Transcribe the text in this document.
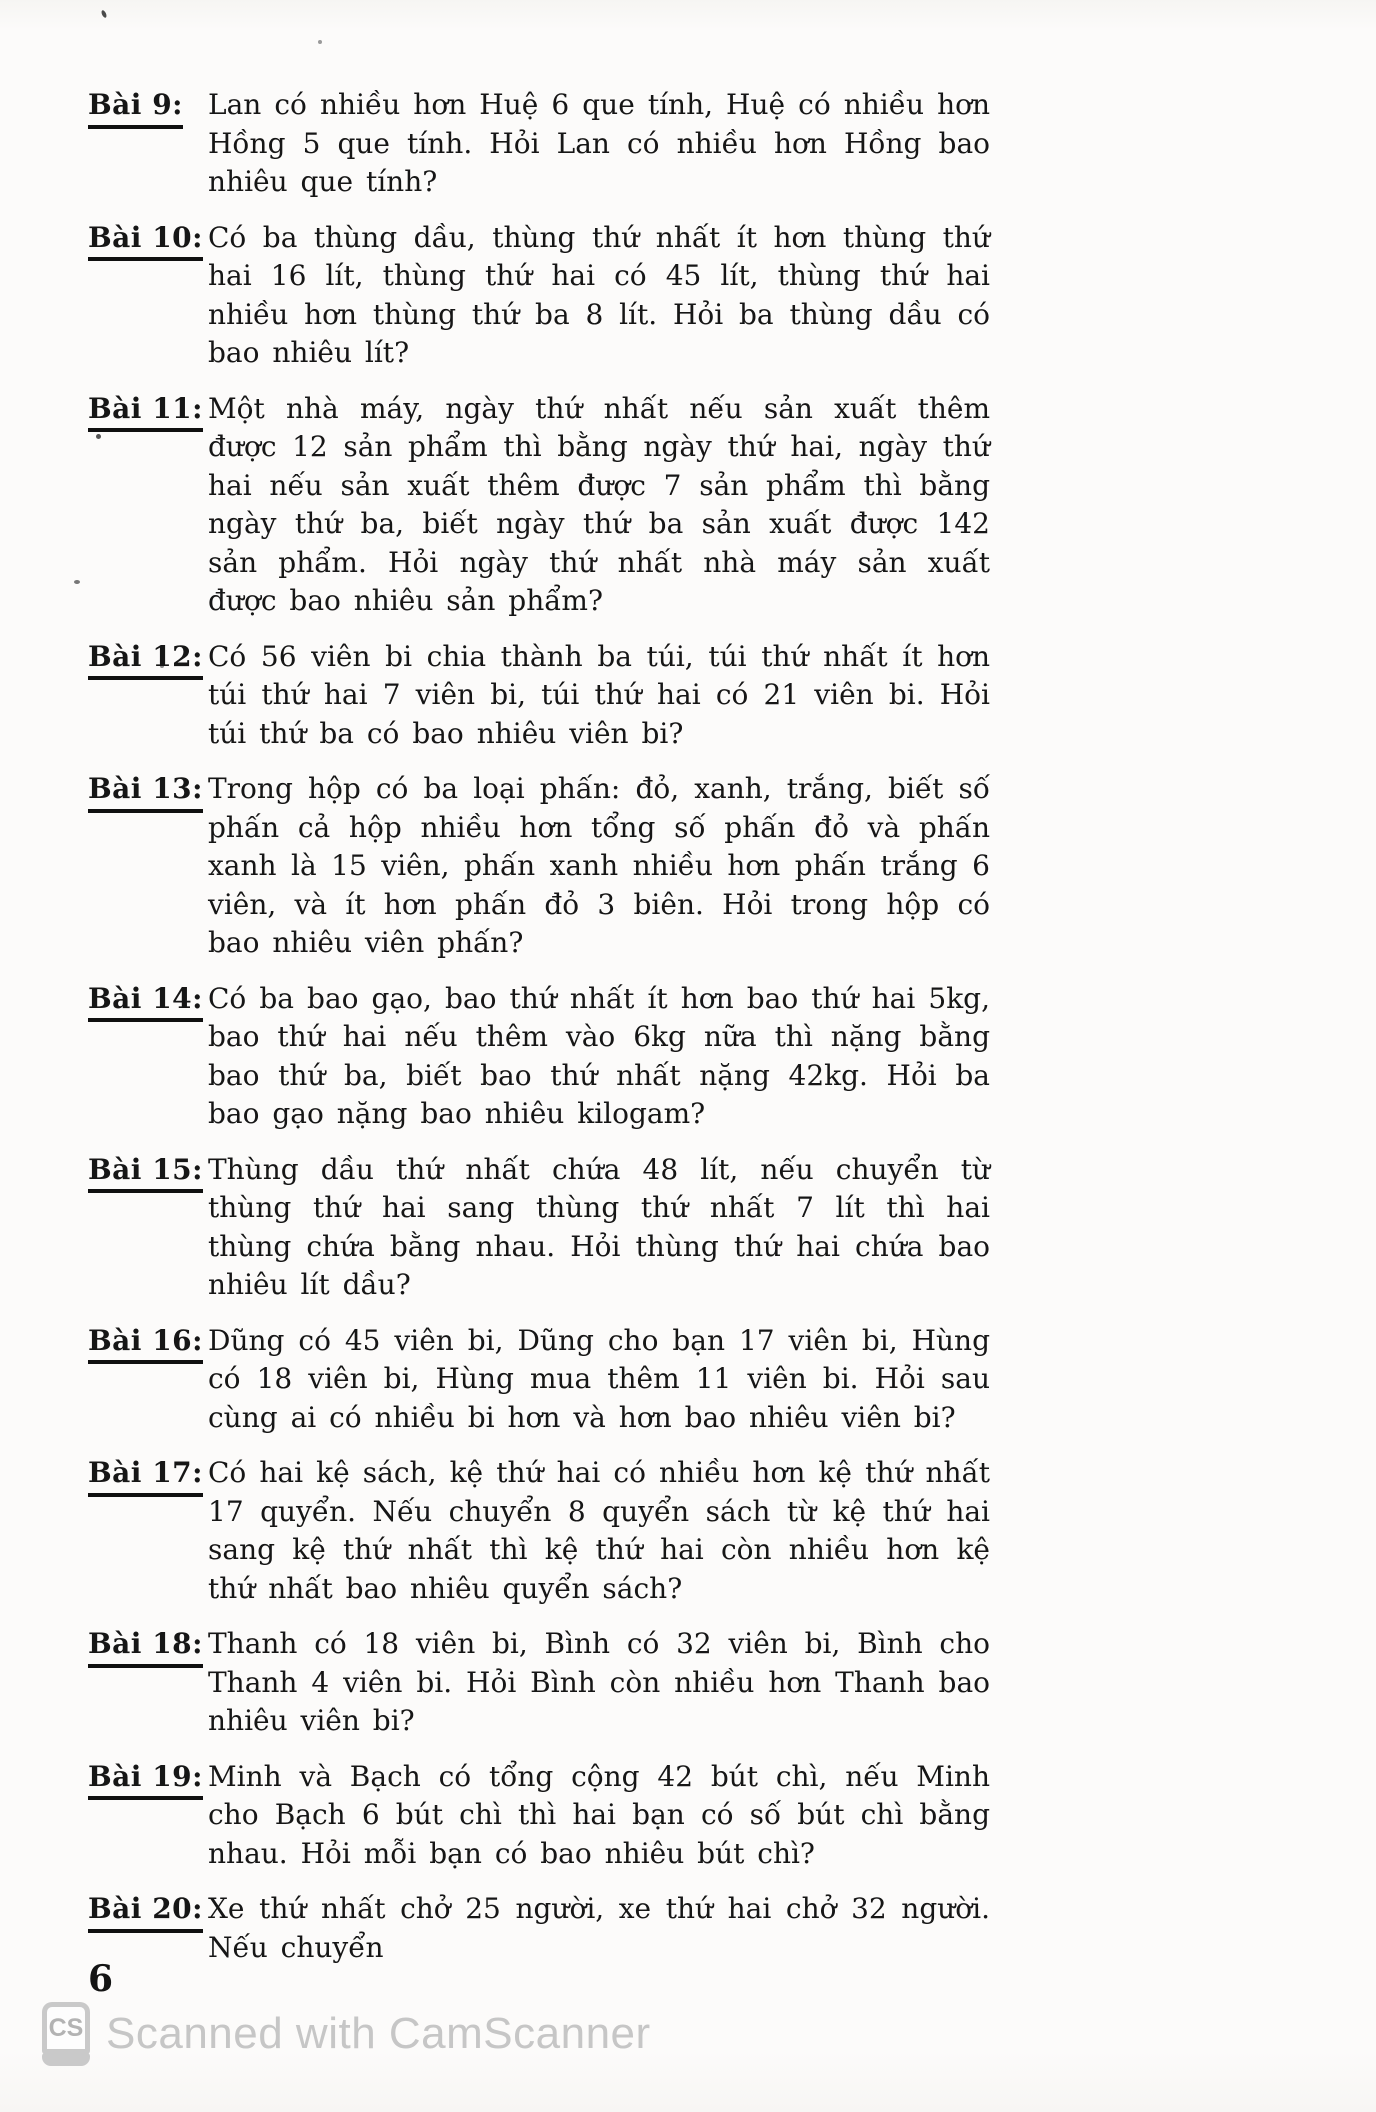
Bài 9: Lan có nhiều hơn Huệ 6 que tính, Huệ có nhiều hơn Hồng 5 que tính. Hỏi Lan có nhiều hơn Hồng bao nhiêu que tính?
Bài 10: Có ba thùng dầu, thùng thứ nhất ít hơn thùng thứ hai 16 lít, thùng thứ hai có 45 lít, thùng thứ hai nhiều hơn thùng thứ ba 8 lít. Hỏi ba thùng dầu có bao nhiêu lít?
Bài 11: Một nhà máy, ngày thứ nhất nếu sản xuất thêm được 12 sản phẩm thì bằng ngày thứ hai, ngày thứ hai nếu sản xuất thêm được 7 sản phẩm thì bằng ngày thứ ba, biết ngày thứ ba sản xuất được 142 sản phẩm. Hỏi ngày thứ nhất nhà máy sản xuất được bao nhiêu sản phẩm?
Bài 12: Có 56 viên bi chia thành ba túi, túi thứ nhất ít hơn túi thứ hai 7 viên bi, túi thứ hai có 21 viên bi. Hỏi túi thứ ba có bao nhiêu viên bi?
Bài 13: Trong hộp có ba loại phấn: đỏ, xanh, trắng, biết số phấn cả hộp nhiều hơn tổng số phấn đỏ và phấn xanh là 15 viên, phấn xanh nhiều hơn phấn trắng 6 viên, và ít hơn phấn đỏ 3 biên. Hỏi trong hộp có bao nhiêu viên phấn?
Bài 14: Có ba bao gạo, bao thứ nhất ít hơn bao thứ hai 5kg, bao thứ hai nếu thêm vào 6kg nữa thì nặng bằng bao thứ ba, biết bao thứ nhất nặng 42kg. Hỏi ba bao gạo nặng bao nhiêu kilogam?
Bài 15: Thùng dầu thứ nhất chứa 48 lít, nếu chuyển từ thùng thứ hai sang thùng thứ nhất 7 lít thì hai thùng chứa bằng nhau. Hỏi thùng thứ hai chứa bao nhiêu lít dầu?
Bài 16: Dũng có 45 viên bi, Dũng cho bạn 17 viên bi, Hùng có 18 viên bi, Hùng mua thêm 11 viên bi. Hỏi sau cùng ai có nhiều bi hơn và hơn bao nhiêu viên bi?
Bài 17: Có hai kệ sách, kệ thứ hai có nhiều hơn kệ thứ nhất 17 quyển. Nếu chuyển 8 quyển sách từ kệ thứ hai sang kệ thứ nhất thì kệ thứ hai còn nhiều hơn kệ thứ nhất bao nhiêu quyển sách?
Bài 18: Thanh có 18 viên bi, Bình có 32 viên bi, Bình cho Thanh 4 viên bi. Hỏi Bình còn nhiều hơn Thanh bao nhiêu viên bi?
Bài 19: Minh và Bạch có tổng cộng 42 bút chì, nếu Minh cho Bạch 6 bút chì thì hai bạn có số bút chì bằng nhau. Hỏi mỗi bạn có bao nhiêu bút chì?
Bài 20: Xe thứ nhất chở 25 người, xe thứ hai chở 32 người. Nếu chuyển
6
CS Scanned with CamScanner
